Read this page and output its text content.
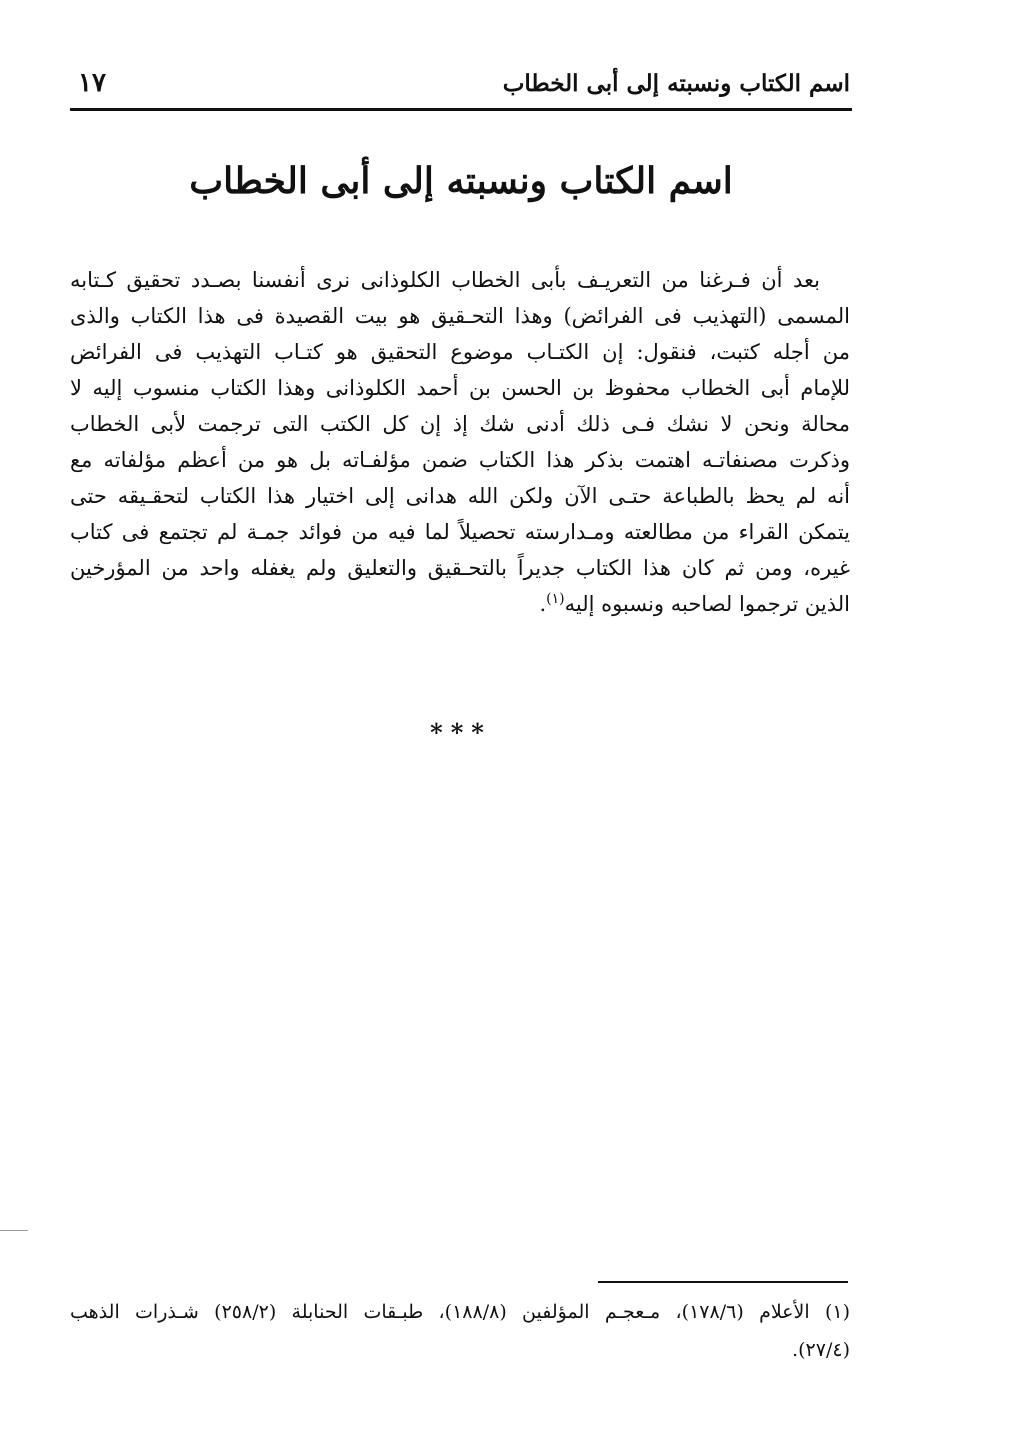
اسم الكتاب ونسبته إلى أبى الخطاب
١٧
اسم الكتاب ونسبته إلى أبى الخطاب
بعد أن فـرغنا من التعريـف بأبى الخطاب الكلوذانى نرى أنفسنا بصـدد تحقيق كـتابه
المسمى (التهذيب فى الفرائض) وهذا التحـقيق هو بيت القصيدة فى هذا الكتاب والذى
من أجله كتبت، فنقول: إن الكتـاب موضوع التحقيق هو كتـاب التهذيب فى الفرائض
للإمام أبى الخطاب محفوظ بن الحسن بن أحمد الكلوذانى وهذا الكتاب منسوب إليه لا
محالة ونحن لا نشك فـى ذلك أدنى شك إذ إن كل الكتب التى ترجمت لأبى الخطاب
وذكرت مصنفاتـه اهتمت بذكر هذا الكتاب ضمن مؤلفـاته بل هو من أعظم مؤلفاته مع
أنه لم يحظ بالطباعة حتـى الآن ولكن الله هدانى إلى اختيار هذا الكتاب لتحقـيقه حتى
يتمكن القراء من مطالعته ومـدارسته تحصيلاً لما فيه من فوائد جمـة لم تجتمع فى كتاب
غيره، ومن ثم كان هذا الكتاب جديراً بالتحـقيق والتعليق ولم يغفله واحد من المؤرخين
الذين ترجموا لصاحبه ونسبوه إليه$^{(١)}$.
***
(١) الأعلام (١٧٨/٦)، مـعجـم المؤلفين (١٨٨/٨)، طبـقات الحنابلة (٢٥٨/٢) شـذرات الذهب
(٢٧/٤).
